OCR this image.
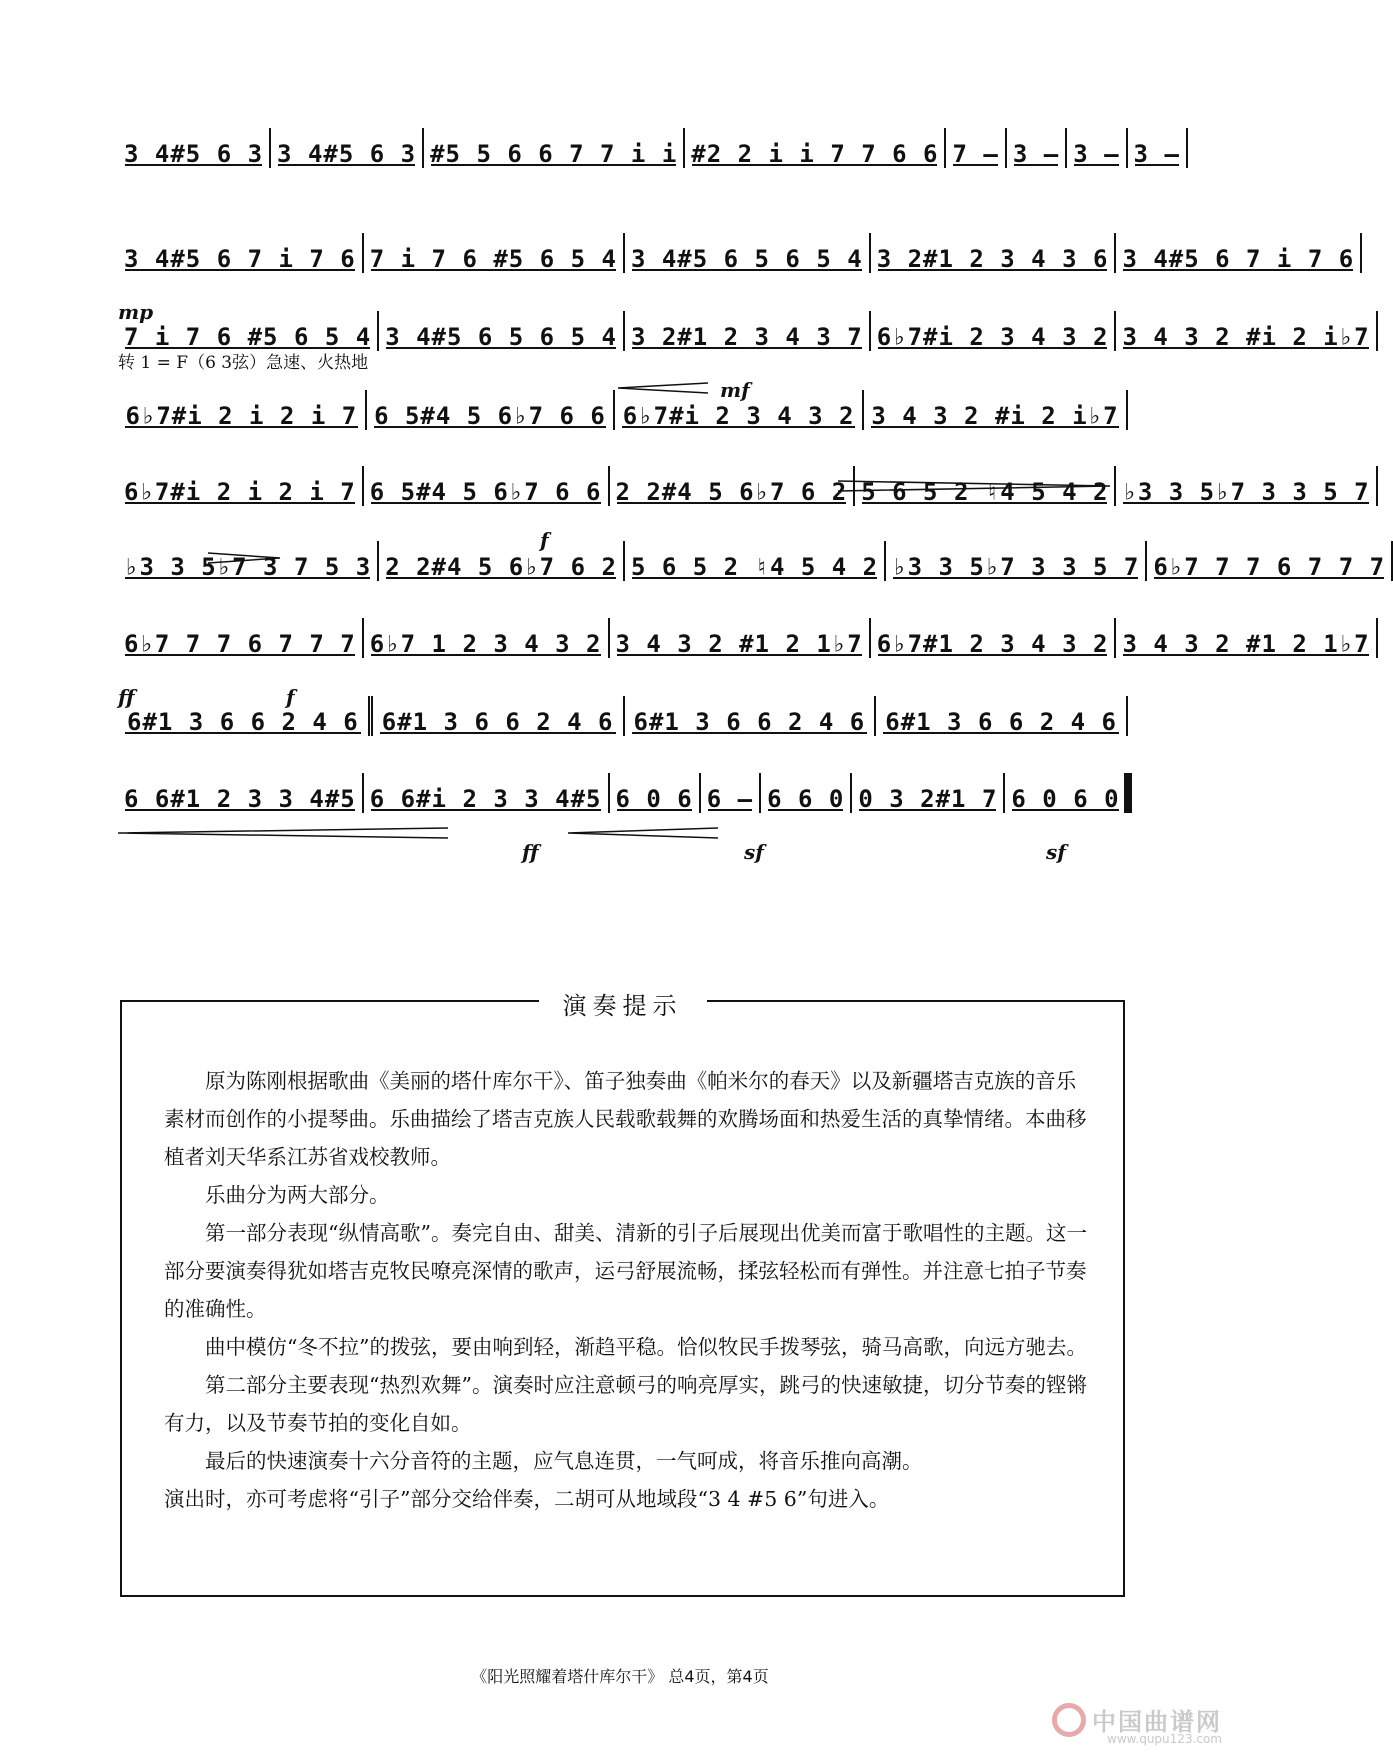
3 4#5 6 3 3 4#5 6 3 #5 5 6 6 7 7 i i #2 2 i i 7 7 6 6 7 – 3 – 3 – 3 –
转 1 = F（6 3弦）急速、火热地
3 4#5 6 7 i 7 6 7 i 7 6 #5 6 5 4 3 4#5 6 5 6 5 4 3 2#1 2 3 4 3 6 3 4#5 6 7 i 7 6
7 i 7 6 #5 6 5 4 3 4#5 6 5 6 5 4 3 2#1 2 3 4 3 7 6♭7#i 2 3 4 3 2 3 4 3 2 #i 2 i♭7
6♭7#i 2 i 2 i 7 6 5#4 5 6♭7 6 6 6♭7#i 2 3 4 3 2 3 4 3 2 #i 2 i♭7
6♭7#i 2 i 2 i 7 6 5#4 5 6♭7 6 6 2 2#4 5 6♭7 6 2 5 6 5 2 ♮4 5 4 2 ♭3 3 5♭7 3 3 5 7
♭3 3 5♭7 3 7 5 3 2 2#4 5 6♭7 6 2 5 6 5 2 ♮4 5 4 2 ♭3 3 5♭7 3 3 5 7 6♭7 7 7 6 7 7 7
6♭7 7 7 6 7 7 7 6♭7 1 2 3 4 3 2 3 4 3 2 #1 2 1♭7 6♭7#1 2 3 4 3 2 3 4 3 2 #1 2 1♭7
6#1 3 6 6 2 4 6 6#1 3 6 6 2 4 6 6#1 3 6 6 2 4 6 6#1 3 6 6 2 4 6
6 6#1 2 3 3 4#5 6 6#i 2 3 3 4#5 6 0 6 6 – 6 6 0 0 3 2#1 7 6 0 6 0
mp
mf
f
ff	f
ff	sf	sf
演奏提示

原为陈刚根据歌曲《美丽的塔什库尔干》、笛子独奏曲《帕米尔的春天》以及新疆塔吉克族的音乐素材而创作的小提琴曲。乐曲描绘了塔吉克族人民载歌载舞的欢腾场面和热爱生活的真挚情绪。本曲移植者刘天华系江苏省戏校教师。

乐曲分为两大部分。

第一部分表现“纵情高歌”。奏完自由、甜美、清新的引子后展现出优美而富于歌唱性的主题。这一部分要演奏得犹如塔吉克牧民嘹亮深情的歌声，运弓舒展流畅，揉弦轻松而有弹性。并注意七拍子节奏的准确性。

曲中模仿“冬不拉”的拨弦，要由响到轻，渐趋平稳。恰似牧民手拨琴弦，骑马高歌，向远方驰去。

第二部分主要表现“热烈欢舞”。演奏时应注意顿弓的响亮厚实，跳弓的快速敏捷，切分节奏的铿锵有力，以及节奏节拍的变化自如。

最后的快速演奏十六分音符的主题，应气息连贯，一气呵成，将音乐推向高潮。

演出时，亦可考虑将“引子”部分交给伴奏，二胡可从地域段“3 4 #5 6”句进入。

《阳光照耀着塔什库尔干》 总4页，第4页
中国曲谱网
www.qupu123.com
